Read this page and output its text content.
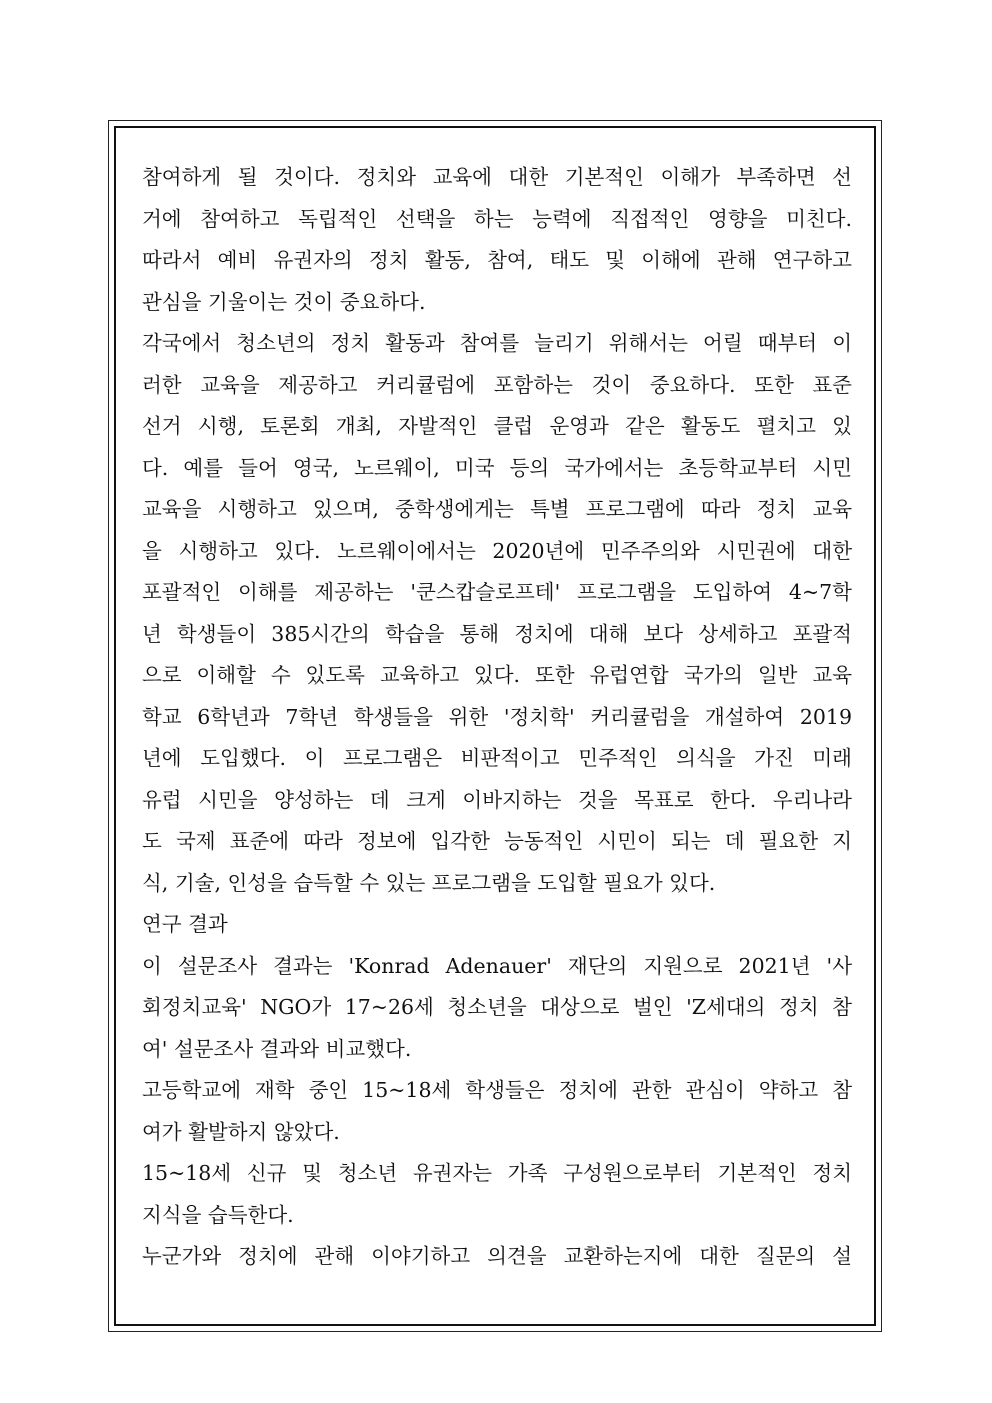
참여하게 될 것이다. 정치와 교육에 대한 기본적인 이해가 부족하면 선
거에 참여하고 독립적인 선택을 하는 능력에 직접적인 영향을 미친다.
따라서 예비 유권자의 정치 활동, 참여, 태도 및 이해에 관해 연구하고
관심을 기울이는 것이 중요하다.
각국에서 청소년의 정치 활동과 참여를 늘리기 위해서는 어릴 때부터 이
러한 교육을 제공하고 커리큘럼에 포함하는 것이 중요하다. 또한 표준
선거 시행, 토론회 개최, 자발적인 클럽 운영과 같은 활동도 펼치고 있
다. 예를 들어 영국, 노르웨이, 미국 등의 국가에서는 초등학교부터 시민
교육을 시행하고 있으며, 중학생에게는 특별 프로그램에 따라 정치 교육
을 시행하고 있다. 노르웨이에서는 2020년에 민주주의와 시민권에 대한
포괄적인 이해를 제공하는 '쿤스캅슬로프테' 프로그램을 도입하여 4~7학
년 학생들이 385시간의 학습을 통해 정치에 대해 보다 상세하고 포괄적
으로 이해할 수 있도록 교육하고 있다. 또한 유럽연합 국가의 일반 교육
학교 6학년과 7학년 학생들을 위한 '정치학' 커리큘럼을 개설하여 2019
년에 도입했다. 이 프로그램은 비판적이고 민주적인 의식을 가진 미래
유럽 시민을 양성하는 데 크게 이바지하는 것을 목표로 한다. 우리나라
도 국제 표준에 따라 정보에 입각한 능동적인 시민이 되는 데 필요한 지
식, 기술, 인성을 습득할 수 있는 프로그램을 도입할 필요가 있다.
연구 결과
이 설문조사 결과는 'Konrad Adenauer' 재단의 지원으로 2021년 '사
회정치교육' NGO가 17~26세 청소년을 대상으로 벌인 'Z세대의 정치 참
여' 설문조사 결과와 비교했다.
고등학교에 재학 중인 15~18세 학생들은 정치에 관한 관심이 약하고 참
여가 활발하지 않았다.
15~18세 신규 및 청소년 유권자는 가족 구성원으로부터 기본적인 정치
지식을 습득한다.
누군가와 정치에 관해 이야기하고 의견을 교환하는지에 대한 질문의 설
